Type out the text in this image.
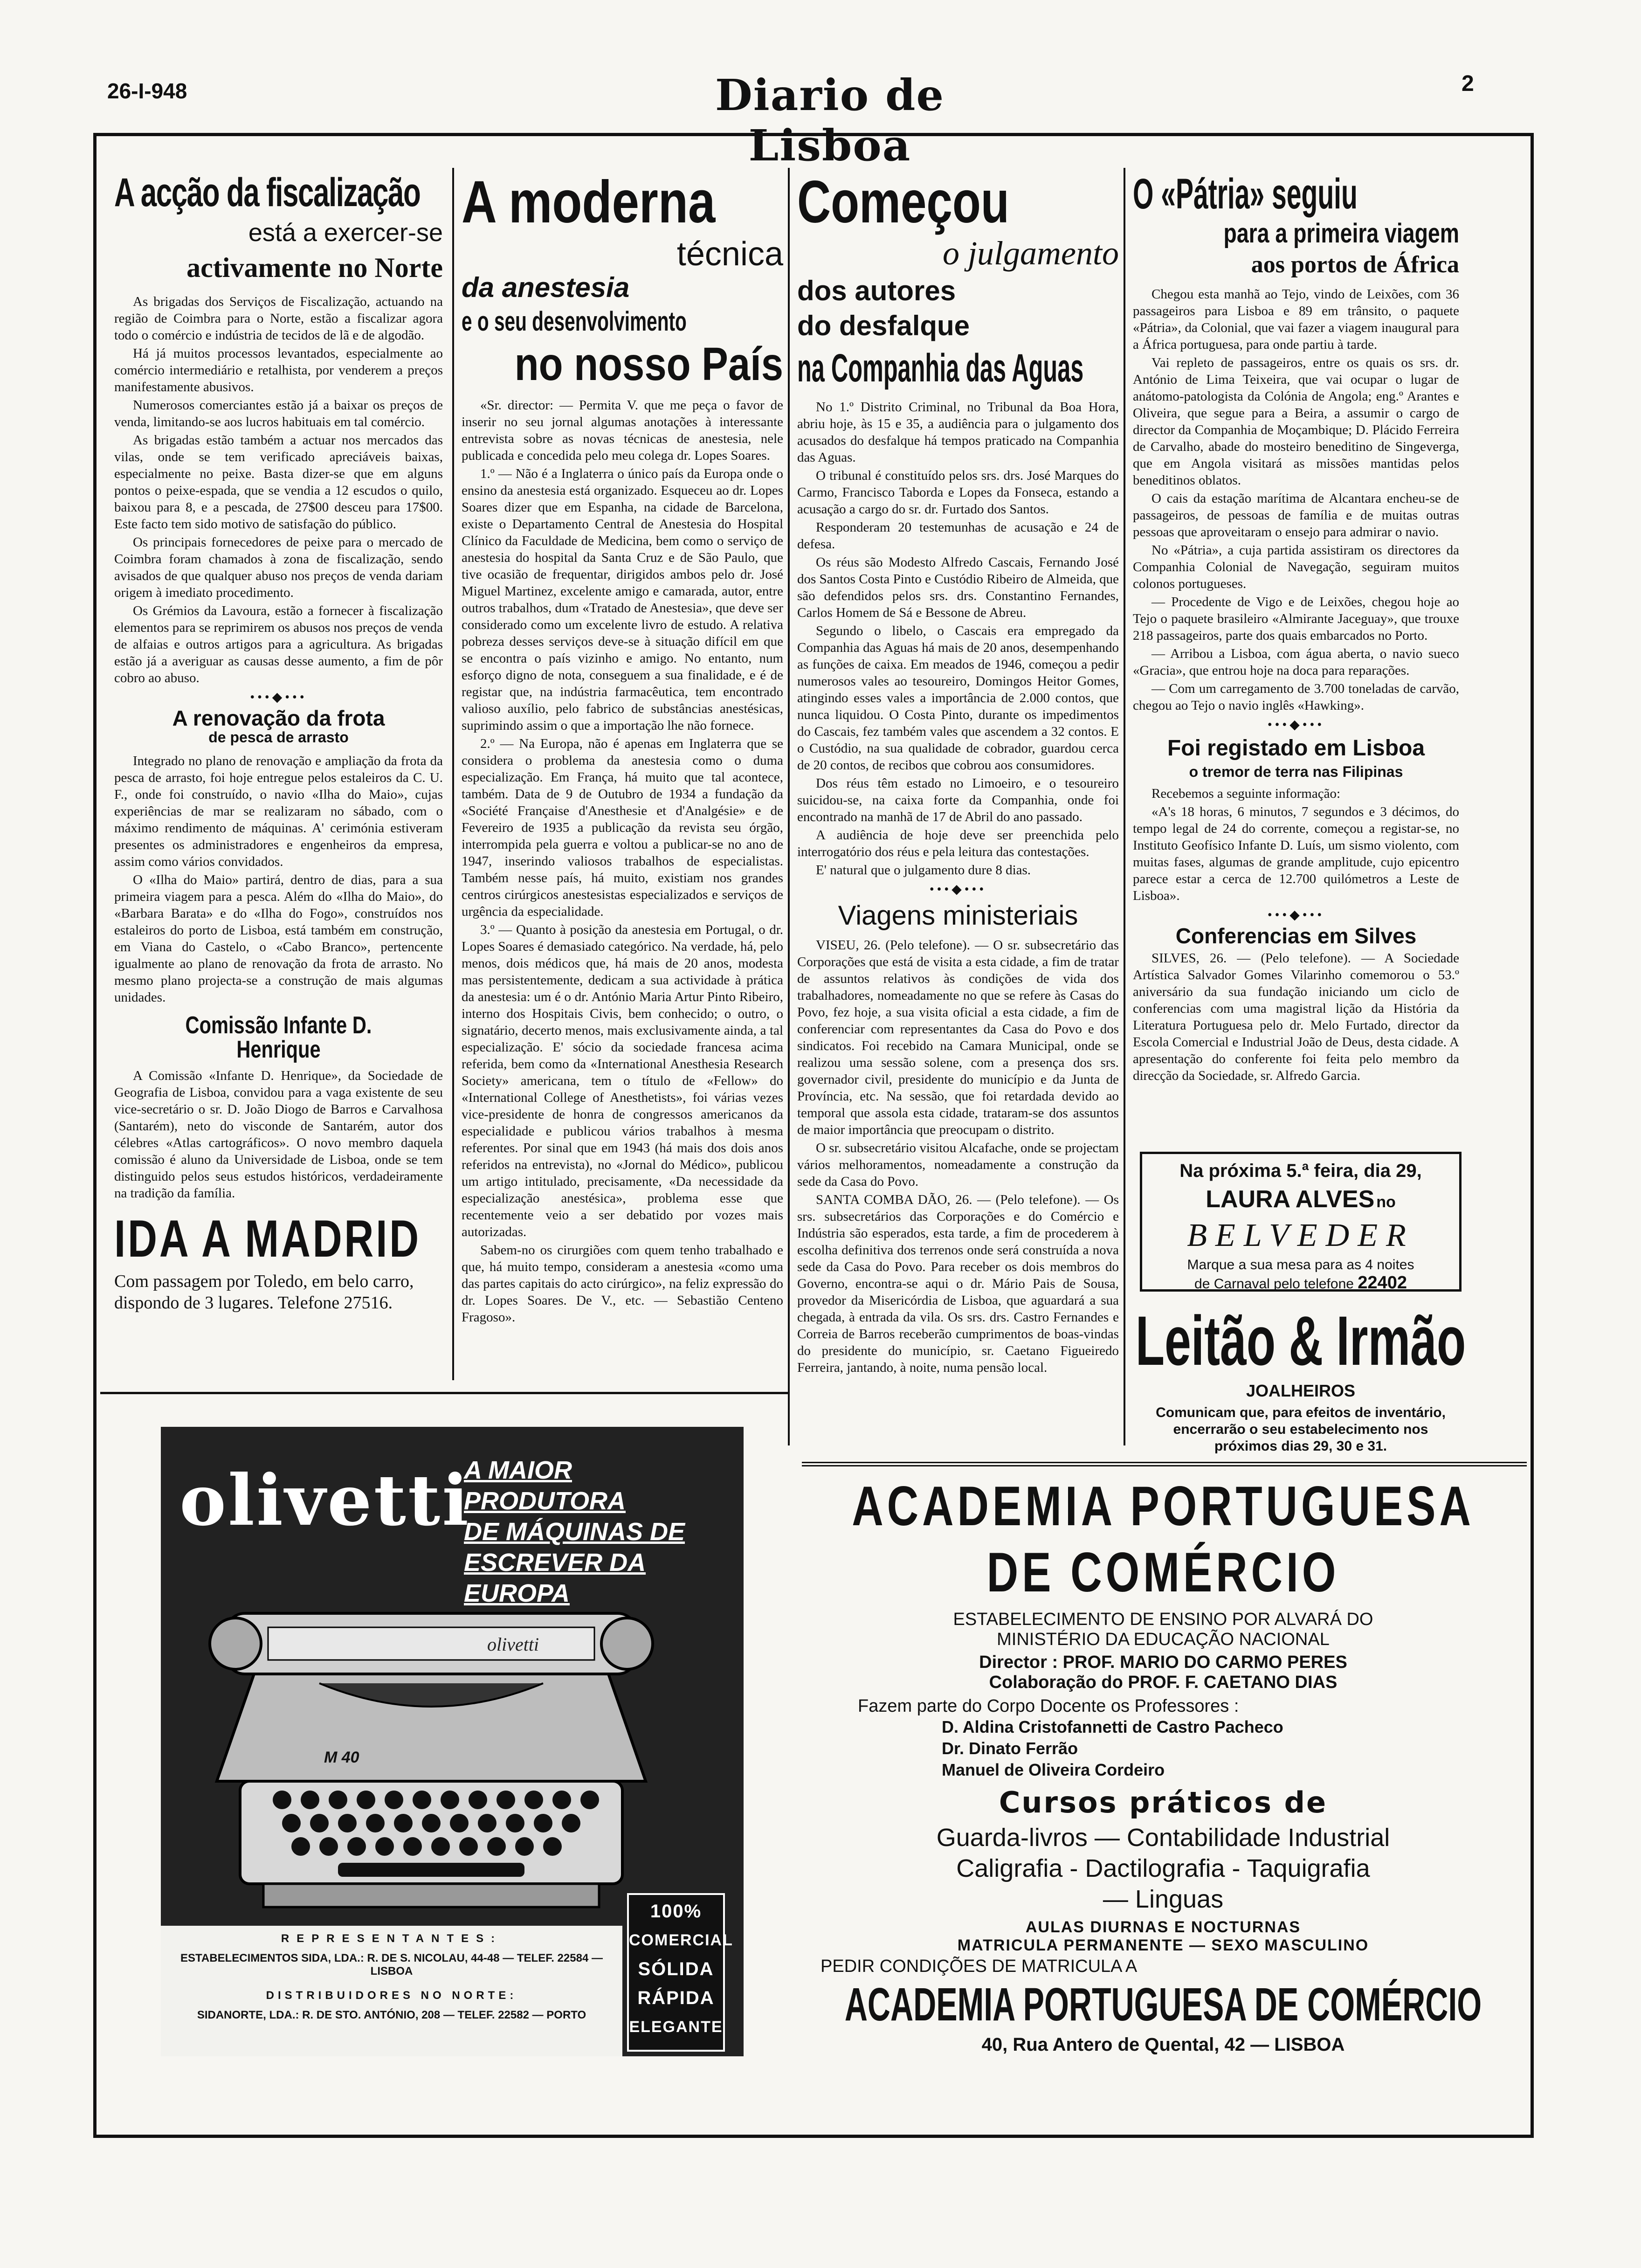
26-I-948	Diario de Lisboa
2
A acção da fiscalização
está a exercer-se
activamente no Norte

As brigadas dos Serviços de Fiscalização, actuando na região de Coimbra para o Norte, estão a fiscalizar agora todo o comércio e indústria de tecidos de lã e de algodão.

Há já muitos processos levantados, especialmente ao comércio intermediário e retalhista, por venderem a preços manifestamente abusivos.

Numerosos comerciantes estão já a baixar os preços de venda, limitando-se aos lucros habituais em tal comércio.

As brigadas estão também a actuar nos mercados das vilas, onde se tem verificado apreciáveis baixas, especialmente no peixe. Basta dizer-se que em alguns pontos o peixe-espada, que se vendia a 12 escudos o quilo, baixou para 8, e a pescada, de 27$00 desceu para 17$00. Este facto tem sido motivo de satisfação do público.

Os principais fornecedores de peixe para o mercado de Coimbra foram chamados à zona de fiscalização, sendo avisados de que qualquer abuso nos preços de venda dariam origem à imediato procedimento.

Os Grémios da Lavoura, estão a fornecer à fiscalização elementos para se reprimirem os abusos nos preços de venda de alfaias e outros artigos para a agricultura. As brigadas estão já a averiguar as causas desse aumento, a fim de pôr cobro ao abuso.

•••◆•••
A renovação da frota
de pesca de arrasto

Integrado no plano de renovação e ampliação da frota da pesca de arrasto, foi hoje entregue pelos estaleiros da C. U. F., onde foi construído, o navio «Ilha do Maio», cujas experiências de mar se realizaram no sábado, com o máximo rendimento de máquinas. A' cerimónia estiveram presentes os administradores e engenheiros da empresa, assim como vários convidados.

O «Ilha do Maio» partirá, dentro de dias, para a sua primeira viagem para a pesca. Além do «Ilha do Maio», do «Barbara Barata» e do «Ilha do Fogo», construídos nos estaleiros do porto de Lisboa, está também em construção, em Viana do Castelo, o «Cabo Branco», pertencente igualmente ao plano de renovação da frota de arrasto. No mesmo plano projecta-se a construção de mais algumas unidades.

Comissão Infante D. Henrique

A Comissão «Infante D. Henrique», da Sociedade de Geografia de Lisboa, convidou para a vaga existente de seu vice-secretário o sr. D. João Diogo de Barros e Carvalhosa (Santarém), neto do visconde de Santarém, autor dos célebres «Atlas cartográficos». O novo membro daquela comissão é aluno da Universidade de Lisboa, onde se tem distinguido pelos seus estudos históricos, verdadeiramente na tradição da família.

IDA A MADRID
Com passagem por Toledo, em belo carro, dispondo de 3 lugares. Telefone 27516.
A moderna
técnica
da anestesia
e o seu desenvolvimento
no nosso País

«Sr. director: — Permita V. que me peça o favor de inserir no seu jornal algumas anotações à interessante entrevista sobre as novas técnicas de anestesia, nele publicada e concedida pelo meu colega dr. Lopes Soares.

1.º — Não é a Inglaterra o único país da Europa onde o ensino da anestesia está organizado. Esqueceu ao dr. Lopes Soares dizer que em Espanha, na cidade de Barcelona, existe o Departamento Central de Anestesia do Hospital Clínico da Faculdade de Medicina, bem como o serviço de anestesia do hospital da Santa Cruz e de São Paulo, que tive ocasião de frequentar, dirigidos ambos pelo dr. José Miguel Martinez, excelente amigo e camarada, autor, entre outros trabalhos, dum «Tratado de Anestesia», que deve ser considerado como um excelente livro de estudo. A relativa pobreza desses serviços deve-se à situação difícil em que se encontra o país vizinho e amigo. No entanto, num esforço digno de nota, conseguem a sua finalidade, e é de registar que, na indústria farmacêutica, tem encontrado valioso auxílio, pelo fabrico de substâncias anestésicas, suprimindo assim o que a importação lhe não fornece.

2.º — Na Europa, não é apenas em Inglaterra que se considera o problema da anestesia como o duma especialização. Em França, há muito que tal acontece, também. Data de 9 de Outubro de 1934 a fundação da «Société Française d'Anesthesie et d'Analgésie» e de Fevereiro de 1935 a publicação da revista seu órgão, interrompida pela guerra e voltou a publicar-se no ano de 1947, inserindo valiosos trabalhos de especialistas. Também nesse país, há muito, existiam nos grandes centros cirúrgicos anestesistas especializados e serviços de urgência da especialidade.

3.º — Quanto à posição da anestesia em Portugal, o dr. Lopes Soares é demasiado categórico. Na verdade, há, pelo menos, dois médicos que, há mais de 20 anos, modesta mas persistentemente, dedicam a sua actividade à prática da anestesia: um é o dr. António Maria Artur Pinto Ribeiro, interno dos Hospitais Civis, bem conhecido; o outro, o signatário, decerto menos, mais exclusivamente ainda, a tal especialização. E' sócio da sociedade francesa acima referida, bem como da «International Anesthesia Research Society» americana, tem o título de «Fellow» do «International College of Anesthetists», foi várias vezes vice-presidente de honra de congressos americanos da especialidade e publicou vários trabalhos à mesma referentes. Por sinal que em 1943 (há mais dos dois anos referidos na entrevista), no «Jornal do Médico», publicou um artigo intitulado, precisamente, «Da necessidade da especialização anestésica», problema esse que recentemente veio a ser debatido por vozes mais autorizadas.

Sabem-no os cirurgiões com quem tenho trabalhado e que, há muito tempo, consideram a anestesia «como uma das partes capitais do acto cirúrgico», na feliz expressão do dr. Lopes Soares. De V., etc. — Sebastião Centeno Fragoso».

Começou
o julgamento
dos autores
do desfalque
na Companhia das Aguas

No 1.º Distrito Criminal, no Tribunal da Boa Hora, abriu hoje, às 15 e 35, a audiência para o julgamento dos acusados do desfalque há tempos praticado na Companhia das Aguas.

O tribunal é constituído pelos srs. drs. José Marques do Carmo, Francisco Taborda e Lopes da Fonseca, estando a acusação a cargo do sr. dr. Furtado dos Santos.

Responderam 20 testemunhas de acusação e 24 de defesa.

Os réus são Modesto Alfredo Cascais, Fernando José dos Santos Costa Pinto e Custódio Ribeiro de Almeida, que são defendidos pelos srs. drs. Constantino Fernandes, Carlos Homem de Sá e Bessone de Abreu.

Segundo o libelo, o Cascais era empregado da Companhia das Aguas há mais de 20 anos, desempenhando as funções de caixa. Em meados de 1946, começou a pedir numerosos vales ao tesoureiro, Domingos Heitor Gomes, atingindo esses vales a importância de 2.000 contos, que nunca liquidou. O Costa Pinto, durante os impedimentos do Cascais, fez também vales que ascendem a 32 contos. E o Custódio, na sua qualidade de cobrador, guardou cerca de 20 contos, de recibos que cobrou aos consumidores.

Dos réus têm estado no Limoeiro, e o tesoureiro suicidou-se, na caixa forte da Companhia, onde foi encontrado na manhã de 17 de Abril do ano passado.

A audiência de hoje deve ser preenchida pelo interrogatório dos réus e pela leitura das contestações.

E' natural que o julgamento dure 8 dias.

•••◆•••
Viagens ministeriais

VISEU, 26. (Pelo telefone). — O sr. subsecretário das Corporações que está de visita a esta cidade, a fim de tratar de assuntos relativos às condições de vida dos trabalhadores, nomeadamente no que se refere às Casas do Povo, fez hoje, a sua visita oficial a esta cidade, a fim de conferenciar com representantes da Casa do Povo e dos sindicatos. Foi recebido na Camara Municipal, onde se realizou uma sessão solene, com a presença dos srs. governador civil, presidente do município e da Junta de Província, etc. Na sessão, que foi retardada devido ao temporal que assola esta cidade, trataram-se dos assuntos de maior importância que preocupam o distrito.

O sr. subsecretário visitou Alcafache, onde se projectam vários melhoramentos, nomeadamente a construção da sede da Casa do Povo.

SANTA COMBA DÃO, 26. — (Pelo telefone). — Os srs. subsecretários das Corporações e do Comércio e Indústria são esperados, esta tarde, a fim de procederem à escolha definitiva dos terrenos onde será construída a nova sede da Casa do Povo. Para receber os dois membros do Governo, encontra-se aqui o dr. Mário Pais de Sousa, provedor da Misericórdia de Lisboa, que aguardará a sua chegada, à entrada da vila. Os srs. drs. Castro Fernandes e Correia de Barros receberão cumprimentos de boas-vindas do presidente do município, sr. Caetano Figueiredo Ferreira, jantando, à noite, numa pensão local.

O «Pátria» seguiu
para a primeira viagem
aos portos de África

Chegou esta manhã ao Tejo, vindo de Leixões, com 36 passageiros para Lisboa e 89 em trânsito, o paquete «Pátria», da Colonial, que vai fazer a viagem inaugural para a África portuguesa, para onde partiu à tarde.

Vai repleto de passageiros, entre os quais os srs. dr. António de Lima Teixeira, que vai ocupar o lugar de anátomo-patologista da Colónia de Angola; eng.º Arantes e Oliveira, que segue para a Beira, a assumir o cargo de director da Companhia de Moçambique; D. Plácido Ferreira de Carvalho, abade do mosteiro beneditino de Singeverga, que em Angola visitará as missões mantidas pelos beneditinos oblatos.

O cais da estação marítima de Alcantara encheu-se de passageiros, de pessoas de família e de muitas outras pessoas que aproveitaram o ensejo para admirar o navio.

No «Pátria», a cuja partida assistiram os directores da Companhia Colonial de Navegação, seguiram muitos colonos portugueses.

— Procedente de Vigo e de Leixões, chegou hoje ao Tejo o paquete brasileiro «Almirante Jaceguay», que trouxe 218 passageiros, parte dos quais embarcados no Porto.

— Arribou a Lisboa, com água aberta, o navio sueco «Gracia», que entrou hoje na doca para reparações.

— Com um carregamento de 3.700 toneladas de carvão, chegou ao Tejo o navio inglês «Hawking».

•••◆•••
Foi registado em Lisboa
o tremor de terra nas Filipinas

Recebemos a seguinte informação:

«A's 18 horas, 6 minutos, 7 segundos e 3 décimos, do tempo legal de 24 do corrente, começou a registar-se, no Instituto Geofísico Infante D. Luís, um sismo violento, com muitas fases, algumas de grande amplitude, cujo epicentro parece estar a cerca de 12.700 quilómetros a Leste de Lisboa».

•••◆•••
Conferencias em Silves

SILVES, 26. — (Pelo telefone). — A Sociedade Artística Salvador Gomes Vilarinho comemorou o 53.º aniversário da sua fundação iniciando um ciclo de conferencias com uma magistral lição da História da Literatura Portuguesa pelo dr. Melo Furtado, director da Escola Comercial e Industrial João de Deus, desta cidade. A apresentação do conferente foi feita pelo membro da direcção da Sociedade, sr. Alfredo Garcia.

Na próxima 5.ª feira, dia 29,
LAURA ALVES no
BELVEDER
Marque a sua mesa para as 4 noites
de Carnaval pelo telefone 22402
Leitão & Irmão
JOALHEIROS
Comunicam que, para efeitos de inventário, encerrarão o seu estabelecimento nos próximos dias 29, 30 e 31.
olivetti
A MAIOR PRODUTORA
DE MÁQUINAS DE
ESCREVER DA EUROPA
olivetti
M 40
100%
COMERCIAL
SÓLIDA
RÁPIDA
ELEGANTE
REPRESENTANTES:
ESTABELECIMENTOS SIDA, LDA.: R. DE S. NICOLAU, 44-48 — TELEF. 22584 — LISBOA
DISTRIBUIDORES NO NORTE:
SIDANORTE, LDA.: R. DE STO. ANTÓNIO, 208 — TELEF. 22582 — PORTO
ACADEMIA PORTUGUESA
DE COMÉRCIO
ESTABELECIMENTO DE ENSINO POR ALVARÁ DO
MINISTÉRIO DA EDUCAÇÃO NACIONAL
Director : PROF. MARIO DO CARMO PERES
Colaboração do PROF. F. CAETANO DIAS
Fazem parte do Corpo Docente os Professores :
D. Aldina Cristofannetti de Castro Pacheco
Dr. Dinato Ferrão
Manuel de Oliveira Cordeiro
Cursos práticos de
Guarda-livros — Contabilidade Industrial
Caligrafia - Dactilografia - Taquigrafia
— Linguas
AULAS DIURNAS E NOCTURNAS
MATRICULA PERMANENTE — SEXO MASCULINO
PEDIR CONDIÇÕES DE MATRICULA A
ACADEMIA PORTUGUESA DE COMÉRCIO
40, Rua Antero de Quental, 42 — LISBOA
